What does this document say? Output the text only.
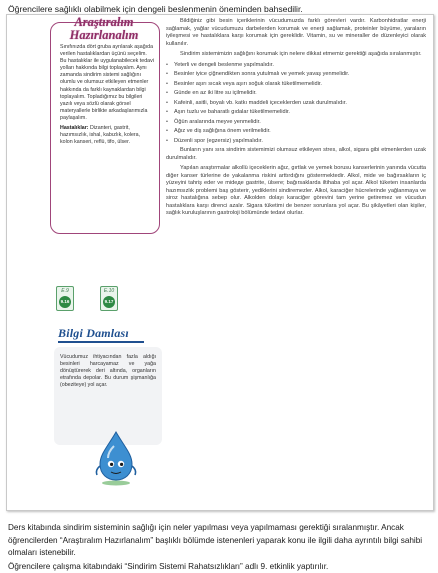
Öğrencilere sağlıklı olabilmek için dengeli beslenmenin öneminden bahsedilir.
Araştıralım
Hazırlanalım
Sınıfınızda dört gruba ayrılarak aşağıda verilen hastalıklardan üçünü seçelim. Bu hastalıklar ile uygulanabilecek tedavi yolları hakkında bilgi toplayalım. Aynı zamanda sindirim sistemi sağlığını olumlu ve olumsuz etkileyen etmenler hakkında da farklı kaynaklardan bilgi toplayalım. Topladığımız bu bilgileri yazılı veya sözlü olarak görsel materyallerle birlikte arkadaşlarımızla paylaşalım.
Hastalıklar: Dizanteri, gastrit, hazımsızlık, ishal, kabızlık, kolera, kolon kanseri, reflü, tifo, ülser.
E.9
9.16
E.10
9.17
Bilgi Damlası
Vücudumuz ihtiyacından fazla aldığı besinleri harcayamaz ve yağa dönüştürerek deri altında, organların etrafında depolar. Bu durum şişmanlığa (obeziteye) yol açar.

Bildiğiniz gibi besin içeriklerinin vücudumuzda farklı görevleri vardır. Karbonhidratlar enerji sağlamak, yağlar vücudumuzu darbelerden korumak ve enerji sağlamak, proteinler büyüme, yaraların iyileşmesi ve hastalıklara karşı korumak için gereklidir. Vitamin, su ve mineraller de düzenleyici olarak kullanılır.

Sindirim sistemimizin sağlığını korumak için nelere dikkat etmemiz gerektiği aşağıda sıralanmıştır.

• Yeterli ve dengeli beslenme yapılmalıdır.
• Besinler iyice çiğnendikten sonra yutulmalı ve yemek yavaş yenmelidir.
• Besinler aşırı sıcak veya aşırı soğuk olarak tüketilmemelidir.
• Günde en az iki litre su içilmelidir.
• Kafeinli, asitli, boyalı vb. katkı maddeli içeceklerden uzak durulmalıdır.
• Aşırı tuzlu ve baharatlı gıdalar tüketilmemelidir.
• Öğün aralarında meyve yenmelidir.
• Ağız ve diş sağlığına önem verilmelidir.
• Düzenli spor (egzersiz) yapılmalıdır.

Bunların yanı sıra sindirim sistemimizi olumsuz etkileyen stres, alkol, sigara gibi etmenlerden uzak durulmalıdır.

Yapılan araştırmalar alkollü içeceklerin ağız, gırtlak ve yemek borusu kanserlerinin yanında vücutta diğer kanser türlerine de yakalanma riskini arttırdığını göstermektedir. Alkol, mide ve bağırsakların iç yüzeyini tahriş eder ve mideде gastrite, ülsere; bağırsaklarda iltihaba yol açar. Alkol tüketen insanlarda hazımsızlık problemi baş gösterir, yediklerini sindiremezler. Alkol, karaciğer hücrelerinde yağlanmaya ve siroz hastalığına sebep olur. Alkolden dolayı karaciğer görevini tam yerine getiremez ve vücudun hastalıklara karşı direnci azalır. Sigara tüketimi de benzer sorunlara yol açar. Bu şikâyetleri olan kişiler, sağlık kuruluşlarının gastroloji bölümünde tedavi olurlar.

Ders kitabında sindirim sisteminin sağlığı için neler yapılması veya yapılmaması gerektiği sıralanmıştır. Ancak öğrencilerden “Araştıralım Hazırlanalım” başlıklı bölümde istenenleri yaparak konu ile ilgili daha ayrıntılı bilgi sahibi olmaları istenebilir.
Öğrencilere çalışma kitabındaki “Sindirim Sistemi Rahatsızlıkları” adlı 9. etkinlik yaptırılır.
